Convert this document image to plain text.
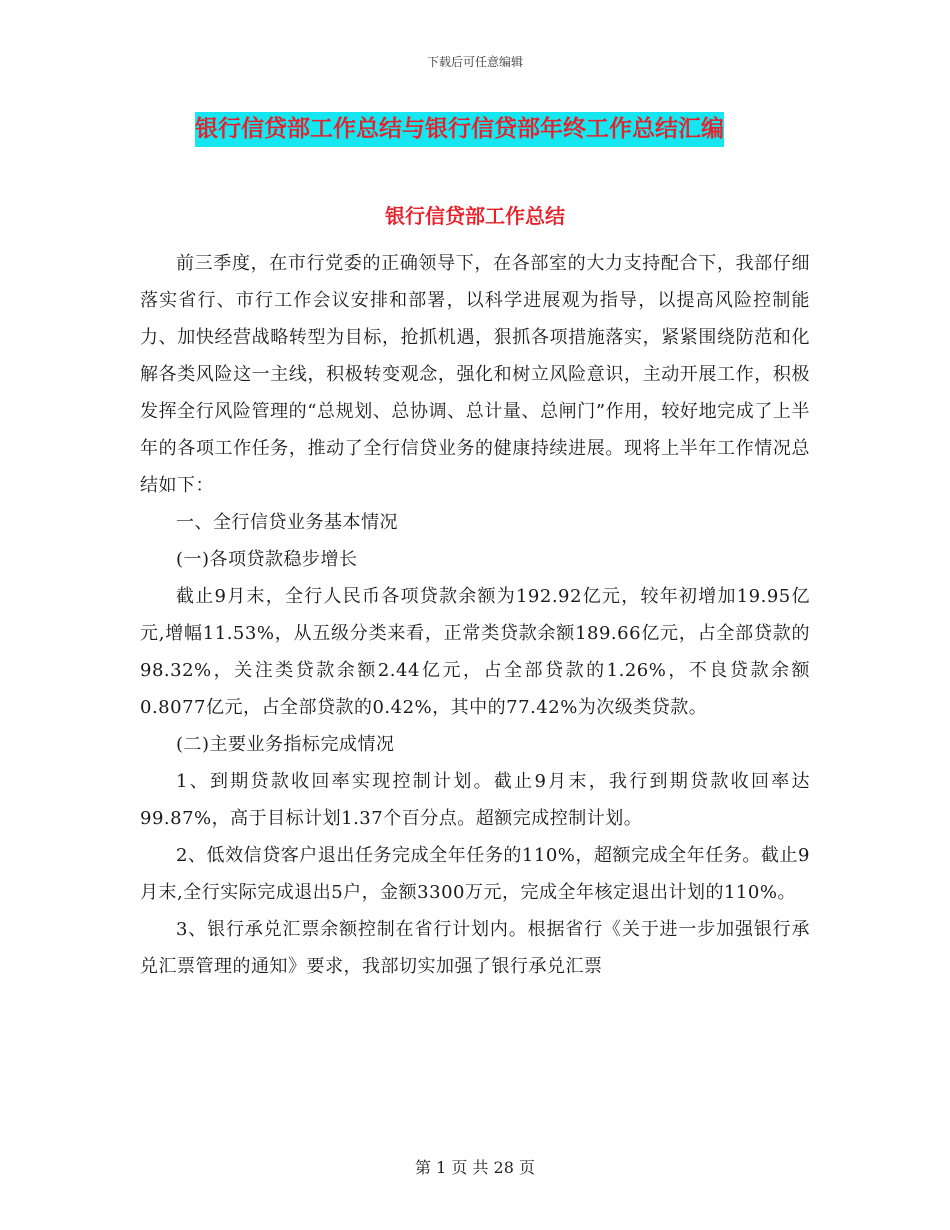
下载后可任意编辑
银行信贷部工作总结与银行信贷部年终工作总结汇编
银行信贷部工作总结

前三季度，在市行党委的正确领导下，在各部室的大力支持配合下，我部仔细落实省行、市行工作会议安排和部署，以科学进展观为指导，以提高风险控制能力、加快经营战略转型为目标，抢抓机遇，狠抓各项措施落实，紧紧围绕防范和化解各类风险这一主线，积极转变观念，强化和树立风险意识，主动开展工作，积极发挥全行风险管理的“总规划、总协调、总计量、总闸门”作用，较好地完成了上半年的各项工作任务，推动了全行信贷业务的健康持续进展。现将上半年工作情况总结如下：

一、全行信贷业务基本情况

(一)各项贷款稳步增长

截止9月末，全行人民币各项贷款余额为192.92亿元，较年初增加19.95亿元,增幅11.53%，从五级分类来看，正常类贷款余额189.66亿元，占全部贷款的98.32%，关注类贷款余额2.44亿元，占全部贷款的1.26%，不良贷款余额0.8077亿元，占全部贷款的0.42%，其中的77.42%为次级类贷款。

(二)主要业务指标完成情况

1、到期贷款收回率实现控制计划。截止9月末，我行到期贷款收回率达99.87%，高于目标计划1.37个百分点。超额完成控制计划。

2、低效信贷客户退出任务完成全年任务的110%，超额完成全年任务。截止9月末,全行实际完成退出5户，金额3300万元，完成全年核定退出计划的110%。

3、银行承兑汇票余额控制在省行计划内。根据省行《关于进一步加强银行承兑汇票管理的通知》要求，我部切实加强了银行承兑汇票

第 1 页 共 28 页
